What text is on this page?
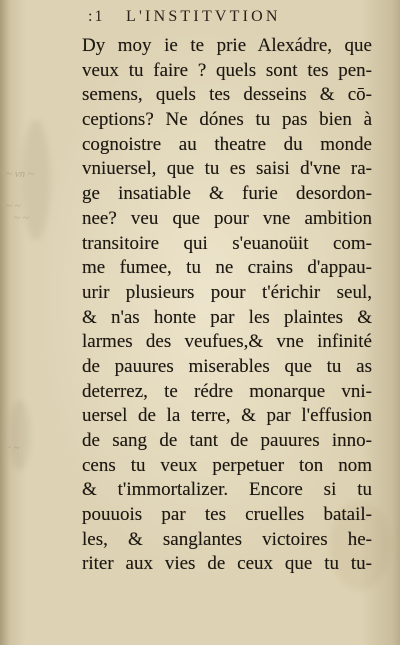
~ vn ~
~ ~
~ ~
· ~
:1 L'INSTITVTION
Dy moy ie te prie Alexádre, que
veux tu faire ? quels sont tes pen-
semens, quels tes desseins & cō-
ceptions? Ne dónes tu pas bien à
cognoistre au theatre du monde
vniuersel, que tu es saisi d'vne ra-
ge insatiable & furie desordon-
nee? veu que pour vne ambition
transitoire qui s'euanoüit com-
me fumee, tu ne crains d'appau-
urir plusieurs pour t'érichir seul,
& n'as honte par les plaintes &
larmes des veufues,& vne infinité
de pauures miserables que tu as
deterrez, te rédre monarque vni-
uersel de la terre, & par l'effusion
de sang de tant de pauures inno-
cens tu veux perpetuer ton nom
& t'immortalizer. Encore si tu
pouuois par tes cruelles batail-
les, & sanglantes victoires he-
riter aux vies de ceux que tu tu-
